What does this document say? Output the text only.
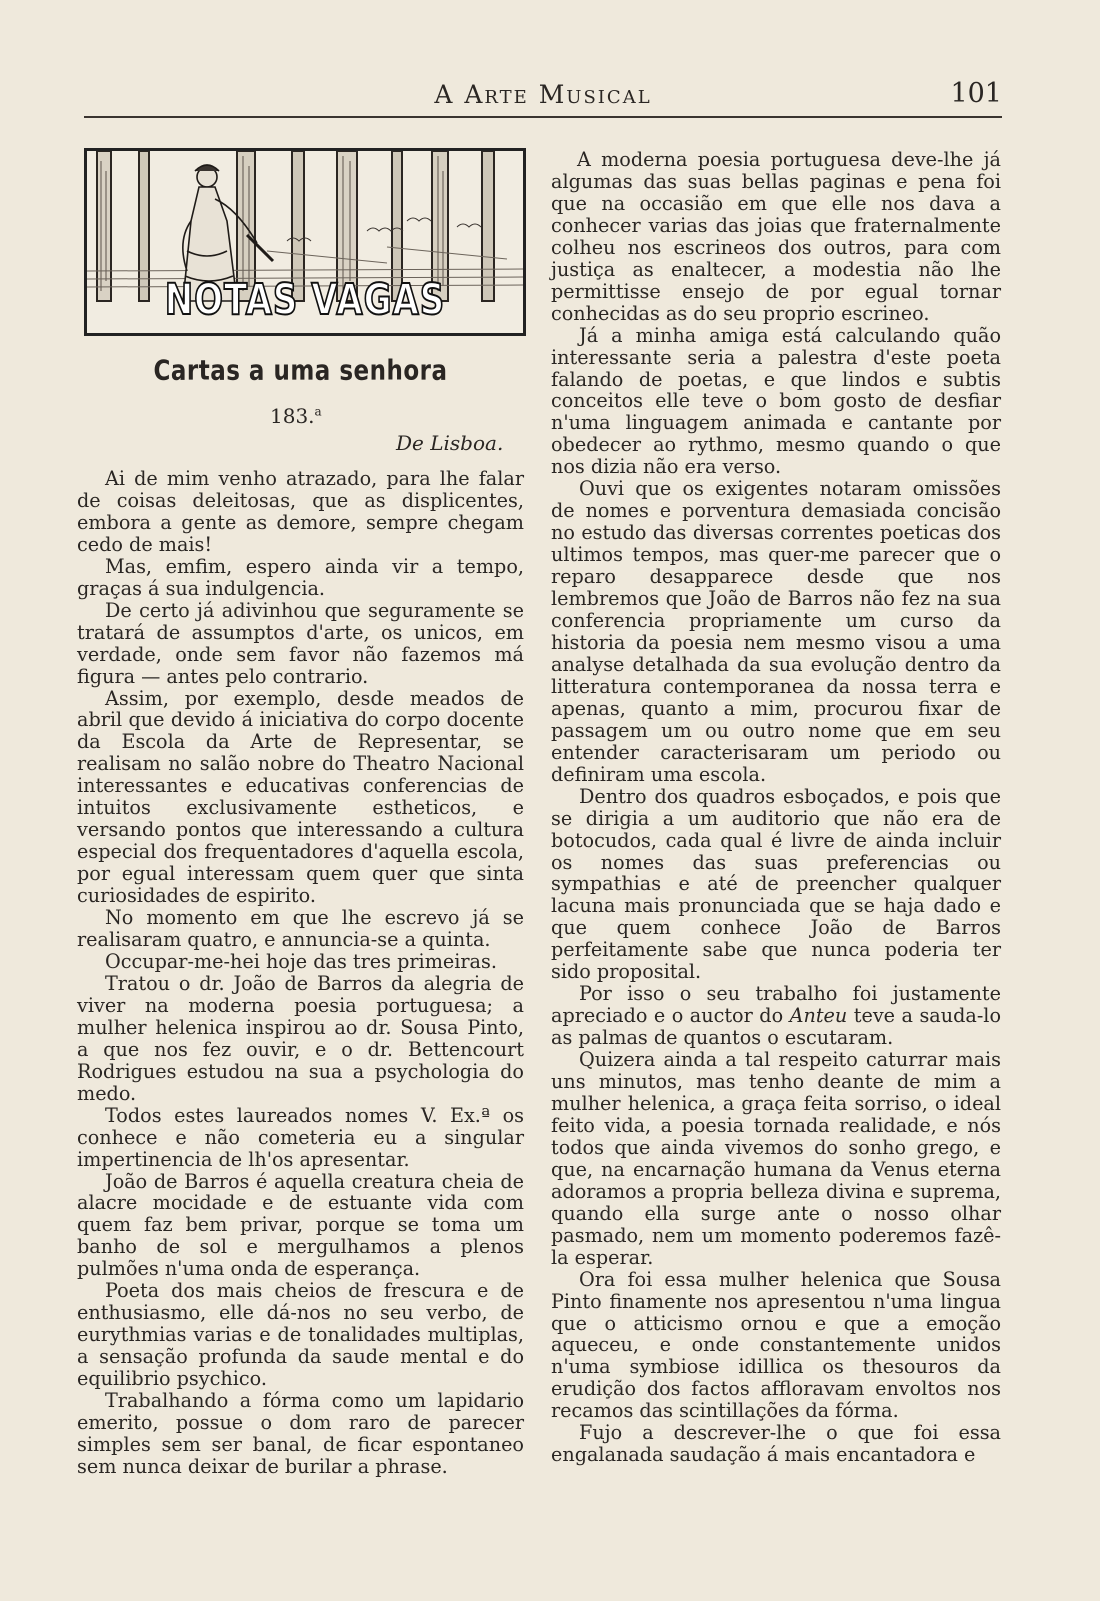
A Arte Musical	101
NOTAS VAGAS
Cartas a uma senhora
183.$^a$
De Lisboa.

Ai de mim venho atrazado, para lhe falar de coisas deleitosas, que as displicentes, embora a gente as demore, sempre chegam cedo de mais!

Mas, emfim, espero ainda vir a tempo, graças á sua indulgencia.

De certo já adivinhou que seguramente se tratará de assumptos d'arte, os unicos, em verdade, onde sem favor não fazemos má figura — antes pelo contrario.

Assim, por exemplo, desde meados de abril que devido á iniciativa do corpo docente da Escola da Arte de Representar, se realisam no salão nobre do Theatro Nacional interessantes e educativas conferencias de intuitos exclusivamente estheticos, e versando pontos que interessando a cultura especial dos frequentadores d'aquella escola, por egual interessam quem quer que sinta curiosidades de espirito.

No momento em que lhe escrevo já se realisaram quatro, e annuncia-se a quinta.

Occupar-me-hei hoje das tres primeiras.

Tratou o dr. João de Barros da alegria de viver na moderna poesia portuguesa; a mulher helenica inspirou ao dr. Sousa Pinto, a que nos fez ouvir, e o dr. Bettencourt Rodrigues estudou na sua a psychologia do medo.

Todos estes laureados nomes V. Ex.ª os conhece e não cometeria eu a singular impertinencia de lh'os apresentar.

João de Barros é aquella creatura cheia de alacre mocidade e de estuante vida com quem faz bem privar, porque se toma um banho de sol e mergulhamos a plenos pulmões n'uma onda de esperança.

Poeta dos mais cheios de frescura e de enthusiasmo, elle dá-nos no seu verbo, de eurythmias varias e de tonalidades multiplas, a sensação profunda da saude mental e do equilibrio psychico.

Trabalhando a fórma como um lapidario emerito, possue o dom raro de parecer simples sem ser banal, de ficar espontaneo sem nunca deixar de burilar a phrase.

A moderna poesia portuguesa deve-lhe já algumas das suas bellas paginas e pena foi que na occasião em que elle nos dava a conhecer varias das joias que fraternalmente colheu nos escrineos dos outros, para com justiça as enaltecer, a modestia não lhe permittisse ensejo de por egual tornar conhecidas as do seu proprio escrineo.

Já a minha amiga está calculando quão interessante seria a palestra d'este poeta falando de poetas, e que lindos e subtis conceitos elle teve o bom gosto de desfiar n'uma linguagem animada e cantante por obedecer ao rythmo, mesmo quando o que nos dizia não era verso.

Ouvi que os exigentes notaram omissões de nomes e porventura demasiada concisão no estudo das diversas correntes poeticas dos ultimos tempos, mas quer-me parecer que o reparo desapparece desde que nos lembremos que João de Barros não fez na sua conferencia propriamente um curso da historia da poesia nem mesmo visou a uma analyse detalhada da sua evolução dentro da litteratura contemporanea da nossa terra e apenas, quanto a mim, procurou fixar de passagem um ou outro nome que em seu entender caracterisaram um periodo ou definiram uma escola.

Dentro dos quadros esboçados, e pois que se dirigia a um auditorio que não era de botocudos, cada qual é livre de ainda incluir os nomes das suas preferencias ou sympathias e até de preencher qualquer lacuna mais pronunciada que se haja dado e que quem conhece João de Barros perfeitamente sabe que nunca poderia ter sido proposital.

Por isso o seu trabalho foi justamente apreciado e o auctor do Anteu teve a sauda-lo as palmas de quantos o escutaram.

Quizera ainda a tal respeito caturrar mais uns minutos, mas tenho deante de mim a mulher helenica, a graça feita sorriso, o ideal feito vida, a poesia tornada realidade, e nós todos que ainda vivemos do sonho grego, e que, na encarnação humana da Venus eterna adoramos a propria belleza divina e suprema, quando ella surge ante o nosso olhar pasmado, nem um momento poderemos fazê-la esperar.

Ora foi essa mulher helenica que Sousa Pinto finamente nos apresentou n'uma lingua que o atticismo ornou e que a emoção aqueceu, e onde constantemente unidos n'uma symbiose idillica os thesouros da erudição dos factos affloravam envoltos nos recamos das scintillações da fórma.

Fujo a descrever-lhe o que foi essa engalanada saudação á mais encantadora e
